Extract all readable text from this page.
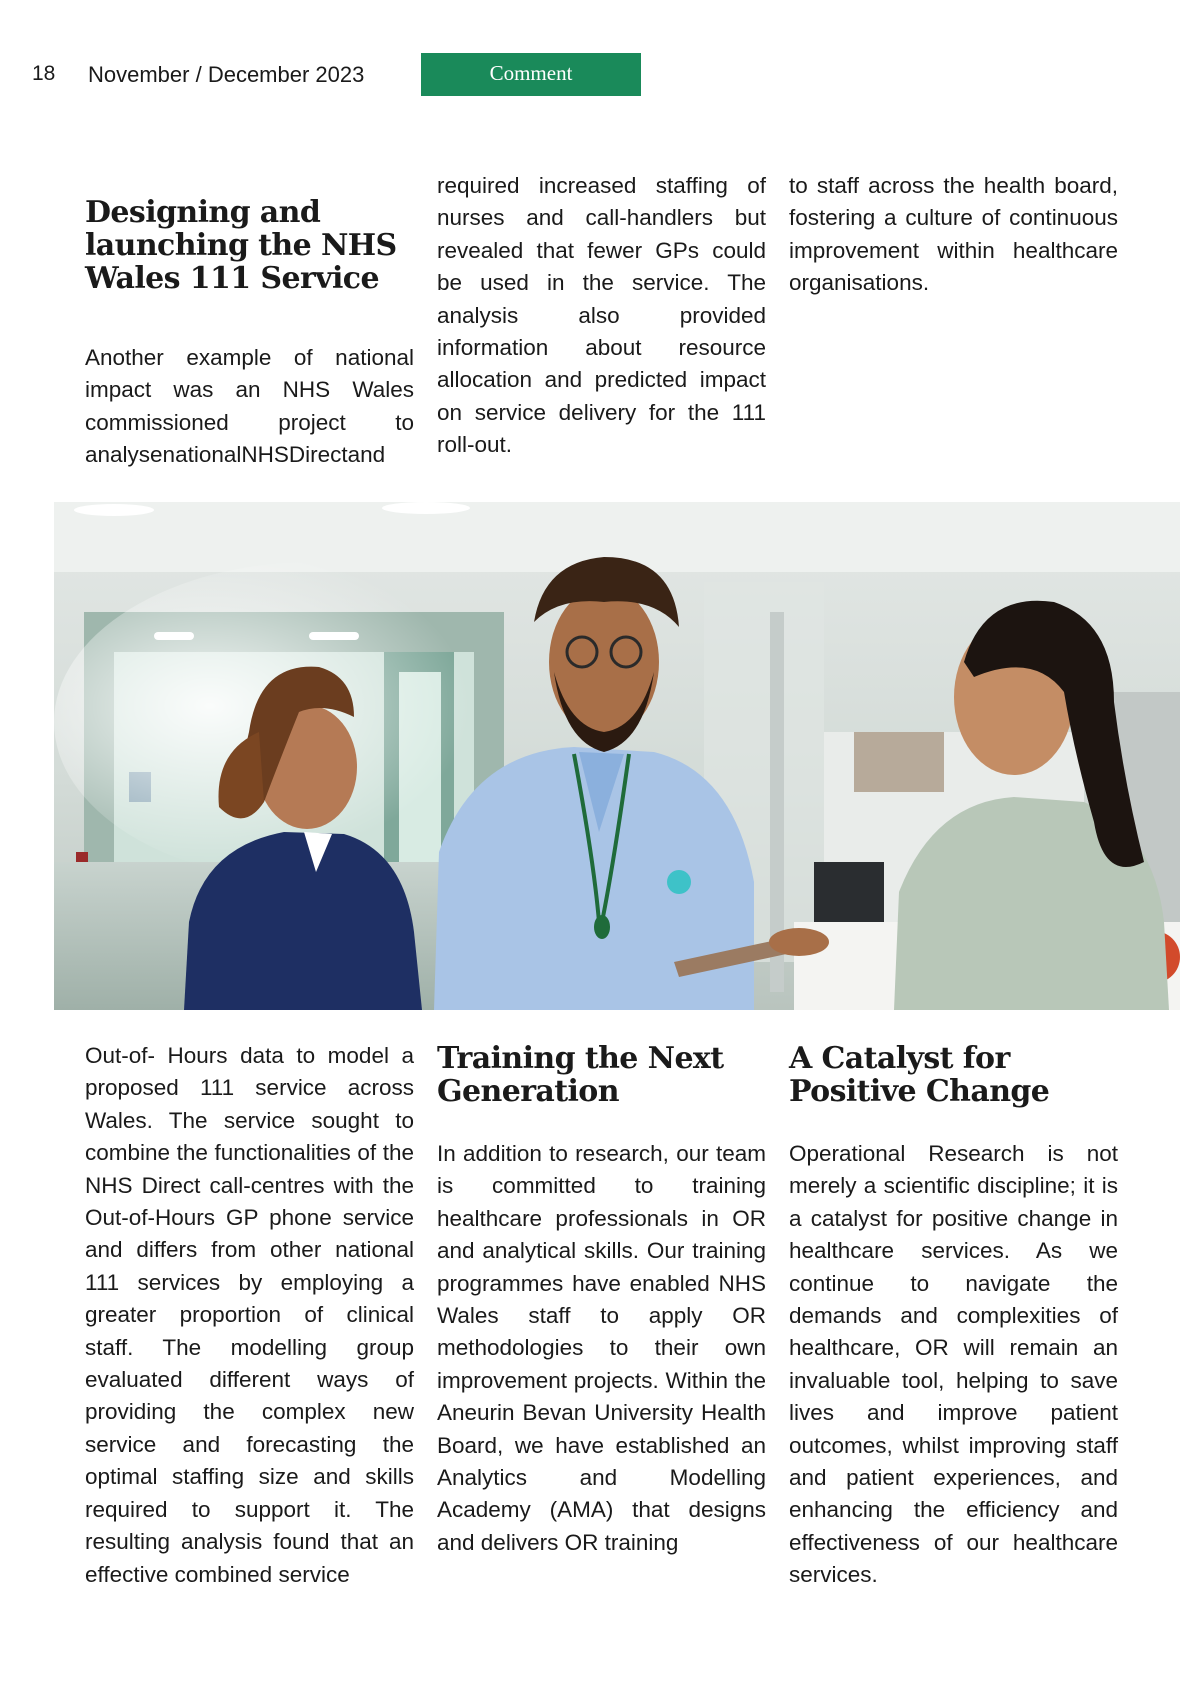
18 November / December 2023	Comment
Designing and launching the NHS Wales 111 Service

Another example of national impact was an NHS Wales commissioned project to analysenationalNHSDirectand

required increased staffing of nurses and call-handlers but revealed that fewer GPs could be used in the service. The analysis also provided information about resource allocation and predicted impact on service delivery for the 111 roll-out.

to staff across the health board, fostering a culture of continuous improvement within healthcare organisations.

Out-of- Hours data to model a proposed 111 service across Wales. The service sought to combine the functionalities of the NHS Direct call-centres with the Out-of-Hours GP phone service and differs from other national 111 services by employing a greater proportion of clinical staff. The modelling group evaluated different ways of providing the complex new service and forecasting the optimal staffing size and skills required to support it. The resulting analysis found that an effective combined service

Training the Next Generation

In addition to research, our team is committed to training healthcare professionals in OR and analytical skills. Our training programmes have enabled NHS Wales staff to apply OR methodologies to their own improvement projects. Within the Aneurin Bevan University Health Board, we have established an Analytics and Modelling Academy (AMA) that designs and delivers OR training

A Catalyst for Positive Change

Operational Research is not merely a scientific discipline; it is a catalyst for positive change in healthcare services. As we continue to navigate the demands and complexities of healthcare, OR will remain an invaluable tool, helping to save lives and improve patient outcomes, whilst improving staff and patient experiences, and enhancing the efficiency and effectiveness of our healthcare services.
